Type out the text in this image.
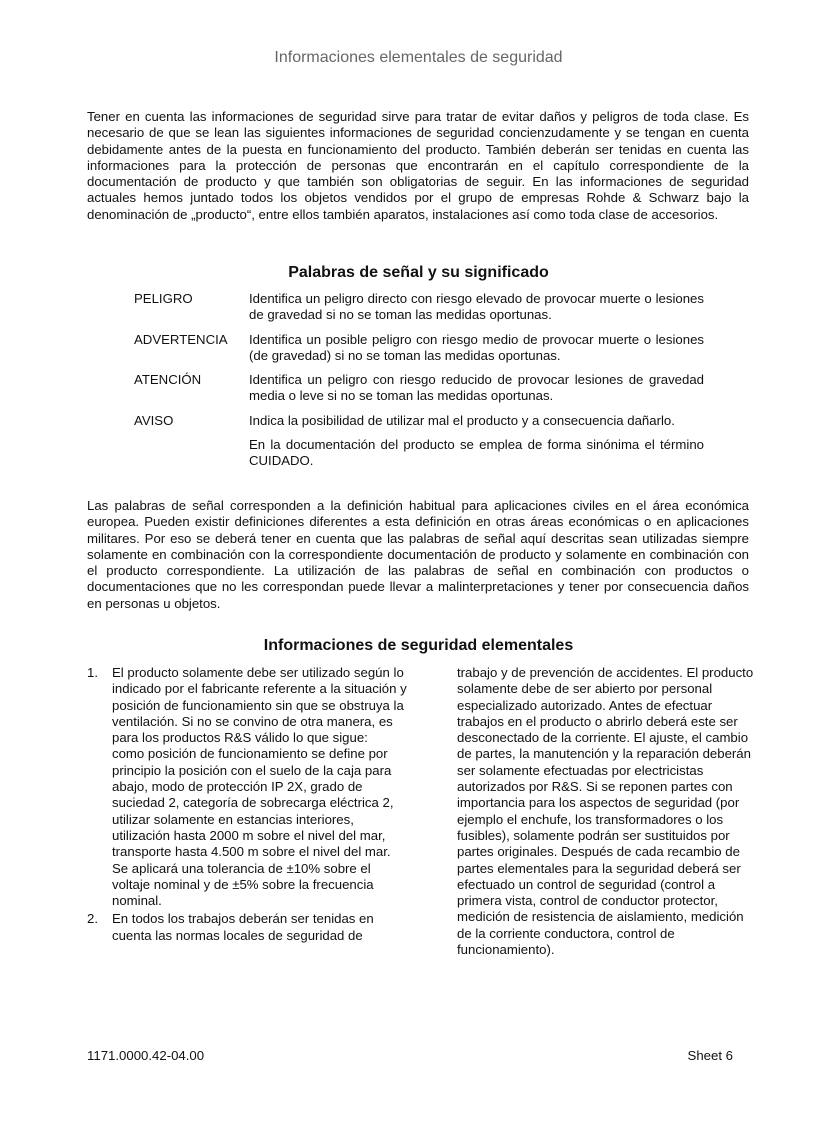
Informaciones elementales de seguridad

Tener en cuenta las informaciones de seguridad sirve para tratar de evitar daños y peligros de toda clase. Es necesario de que se lean las siguientes informaciones de seguridad concienzudamente y se tengan en cuenta debidamente antes de la puesta en funcionamiento del producto. También deberán ser tenidas en cuenta las informaciones para la protección de personas que encontrarán en el capítulo correspondiente de la documentación de producto y que también son obligatorias de seguir. En las informaciones de seguridad actuales hemos juntado todos los objetos vendidos por el grupo de empresas Rohde & Schwarz bajo la denominación de „producto“, entre ellos también aparatos, instalaciones así como toda clase de accesorios.

Palabras de señal y su significado
PELIGRO	Identifica un peligro directo con riesgo elevado de provocar muerte o lesiones de gravedad si no se toman las medidas oportunas.

ADVERTENCIA	Identifica un posible peligro con riesgo medio de provocar muerte o lesiones (de gravedad) si no se toman las medidas oportunas.

ATENCIÓN	Identifica un peligro con riesgo reducido de provocar lesiones de gravedad media o leve si no se toman las medidas oportunas.

AVISO	Indica la posibilidad de utilizar mal el producto y a consecuencia dañarlo.

En la documentación del producto se emplea de forma sinónima el término CUIDADO.

Las palabras de señal corresponden a la definición habitual para aplicaciones civiles en el área económica europea. Pueden existir definiciones diferentes a esta definición en otras áreas económicas o en aplicaciones militares. Por eso se deberá tener en cuenta que las palabras de señal aquí descritas sean utilizadas siempre solamente en combinación con la correspondiente documentación de producto y solamente en combinación con el producto correspondiente. La utilización de las palabras de señal en combinación con productos o documentaciones que no les correspondan puede llevar a malinterpretaciones y tener por consecuencia daños en personas u objetos.

Informaciones de seguridad elementales
1.	El producto solamente debe ser utilizado según lo indicado por el fabricante referente a la situación y posición de funcionamiento sin que se obstruya la ventilación. Si no se convino de otra manera, es para los productos R&S válido lo que sigue:

como posición de funcionamiento se define por principio la posición con el suelo de la caja para abajo, modo de protección IP 2X, grado de suciedad 2, categoría de sobrecarga eléctrica 2, utilizar solamente en estancias interiores, utilización hasta 2000 m sobre el nivel del mar, transporte hasta 4.500 m sobre el nivel del mar.

Se aplicará una tolerancia de ±10% sobre el voltaje nominal y de ±5% sobre la frecuencia nominal.

2.	En todos los trabajos deberán ser tenidas en cuenta las normas locales de seguridad de

trabajo y de prevención de accidentes. El producto solamente debe de ser abierto por personal especializado autorizado. Antes de efectuar trabajos en el producto o abrirlo deberá este ser desconectado de la corriente. El ajuste, el cambio de partes, la manutención y la reparación deberán ser solamente efectuadas por electricistas autorizados por R&S. Si se reponen partes con importancia para los aspectos de seguridad (por ejemplo el enchufe, los transformadores o los fusibles), solamente podrán ser sustituidos por partes originales. Después de cada recambio de partes elementales para la seguridad deberá ser efectuado un control de seguridad (control a primera vista, control de conductor protector, medición de resistencia de aislamiento, medición de la corriente conductora, control de funcionamiento).

1171.0000.42-04.00	Sheet 6
